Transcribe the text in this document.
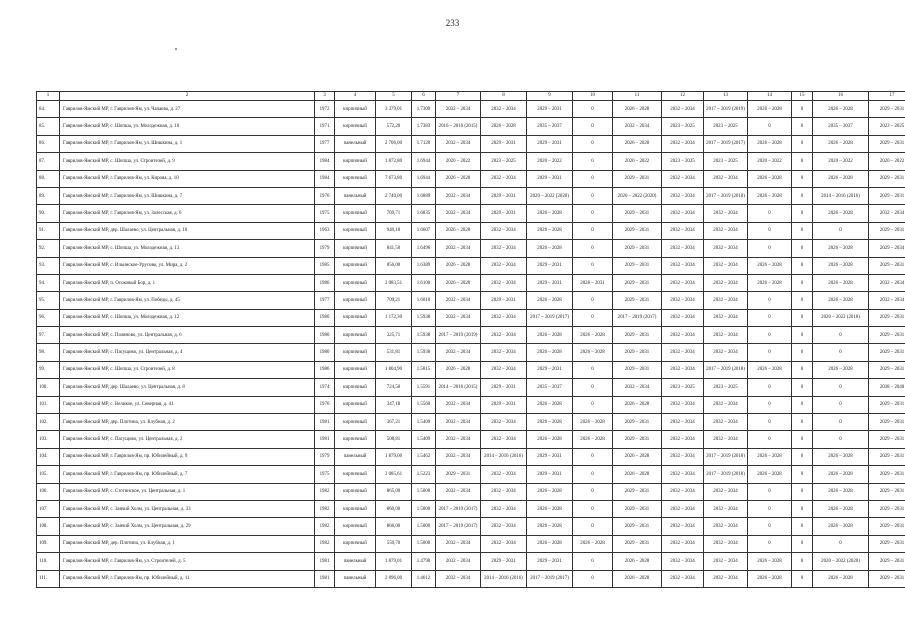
233
1	2	3	4	5	6	7	8	9	10	11	12	13	14	15	16	17
84.	Гаврилов-Ямский МР, г. Гаврилов-Ям, ул. Чапаева, д. 27	1972	кирпичный	3 379,01	1.7309	2032 – 2034	2032 – 2034	2029 – 2031	0	2026 – 2028	2032 – 2034	2017 – 2019 (2019)	2026 – 2028	0	2026 – 2028	2029 – 2031
85.	Гаврилов-Ямский МР, с. Шопша, ул. Молодежная, д. 10	1971	кирпичный	572,20	1.7383	2016 – 2016 (2015)	2026 – 2028	2035 – 2037	0	2032 – 2034	2023 – 2025	2023 – 2025	0	0	2035 – 2037	2023 – 2025
86.	Гаврилов-Ямский МР, г. Гаврилов-Ям, ул. Шишкина, д. 1	1977	панельный	2 706,00	1.7120	2032 – 2034	2029 – 2031	2029 – 2031	0	2026 – 2028	2032 – 2034	2017 – 2019 (2017)	2026 – 2028	0	2026 – 2028	2029 – 2031
87.	Гаврилов-Ямский МР, с. Шопша, ул. Строителей, д. 9	1984	кирпичный	1 872,80	1.6944	2020 – 2022	2023 – 2025	2020 – 2022	0	2020 – 2022	2023 – 2025	2023 – 2025	2020 – 2022	0	2020 – 2022	2020 – 2022
88.	Гаврилов-Ямский МР, г. Гаврилов-Ям, ул. Кирова, д. 10	1984	кирпичный	7 673,80	1.6944	2026 – 2028	2032 – 2034	2029 – 2031	0	2029 – 2031	2032 – 2034	2032 – 2034	2026 – 2028	0	2026 – 2028	2029 – 2031
89.	Гаврилов-Ямский МР, г. Гаврилов-Ям, ул. Шишкина, д. 7	1976	панельный	2 740,00	1.6889	2032 – 2034	2029 – 2031	2020 – 2022 (2020)	0	2020 – 2022 (2020)	2032 – 2034	2017 – 2019 (2018)	2026 – 2028	0	2014 – 2016 (2016)	2029 – 2031
90.	Гаврилов-Ямский МР, г. Гаврилов-Ям, ул. Залесская, д. 6	1975	кирпичный	769,71	1.6835	2032 – 2034	2029 – 2031	2026 – 2028	0	2029 – 2031	2032 – 2034	2032 – 2034	0	0	2026 – 2028	2032 – 2034
91.	Гаврилов-Ямский МР, дер. Шалаево, ул. Центральная, д. 10	1963	кирпичный	940,10	1.6607	2026 – 2028	2032 – 2034	2026 – 2028	0	2029 – 2031	2032 – 2034	2032 – 2034	0	0	0	2029 – 2031
92.	Гаврилов-Ямский МР, с. Шопша, ул. Молодежная, д. 13	1979	кирпичный	841,50	1.6496	2032 – 2034	2032 – 2034	2026 – 2028	0	2029 – 2031	2032 – 2034	2032 – 2034	0	0	2026 – 2028	2029 – 2034
93.	Гаврилов-Ямский МР, с. Ильинское-Урусово, ул. Мира, д. 2	1985	кирпичный	856,00	1.6389	2026 – 2028	2032 – 2034	2029 – 2031	0	2029 – 2031	2032 – 2034	2032 – 2034	2026 – 2028	0	2026 – 2028	2029 – 2031
94.	Гаврилов-Ямский МР, п. Осоковый Бор, д. 1	1986	кирпичный	2 083,51	1.6100	2026 – 2028	2032 – 2034	2029 – 2031	2028 – 2031	2029 – 2031	2032 – 2034	2032 – 2034	2026 – 2028	0	2026 – 2028	2032 – 2034
95.	Гаврилов-Ямский МР, г. Гаврилов-Ям, ул. Победы, д. 45	1977	кирпичный	709,21	1.6010	2032 – 2034	2029 – 2031	2026 – 2028	0	2029 – 2031	2032 – 2034	2032 – 2034	0	0	2026 – 2028	2032 – 2034
96.	Гаврилов-Ямский МР, с. Шопша, ул. Молодежная, д. 12	1980	кирпичный	1 172,30	1.5938	2032 – 2034	2032 – 2034	2017 – 2019 (2017)	0	2017 – 2019 (2017)	2032 – 2034	2032 – 2034	0	0	2020 – 2022 (2018)	2029 – 2031
97.	Гаврилов-Ямский МР, с. Поляново, ул. Центральная, д. 6	1980	кирпичный	325,71	1.5938	2017 – 2019 (2019)	2032 – 2034	2026 – 2028	2026 – 2028	2029 – 2031	2032 – 2034	2032 – 2034	0	0	0	2029 – 2031
98.	Гаврилов-Ямский МР, с. Пасущово, ул. Центральная, д. 4	1980	кирпичный	531,81	1.5938	2032 – 2034	2032 – 2034	2026 – 2028	2026 – 2028	2029 – 2031	2032 – 2034	2032 – 2034	0	0	0	2029 – 2031
99.	Гаврилов-Ямский МР, с. Шопша, ул. Строителей, д. 8	1986	кирпичный	1 804,90	1.5815	2026 – 2028	2032 – 2034	2029 – 2031	0	2029 – 2031	2032 – 2034	2017 – 2019 (2018)	2026 – 2028	0	2026 – 2028	2029 – 2031
100.	Гаврилов-Ямский МР, дер. Шалаево, ул. Центральная, д. 8	1974	кирпичный	724,50	1.5591	2014 – 2016 (2015)	2029 – 2031	2035 – 2037	0	2032 – 2034	2023 – 2025	2023 – 2025	0	0	0	2038 – 2040
101.	Гаврилов-Ямский МР, с. Великое, ул. Северная, д. 41	1976	кирпичный	347,18	1.5560	2032 – 2034	2029 – 2031	2026 – 2028	0	2026 – 2028	2032 – 2034	2032 – 2034	0	0	0	2029 – 2031
102.	Гаврилов-Ямский МР, дер. Плотина, ул. Клубная, д. 2	1981	кирпичный	367,21	1.5409	2032 – 2034	2032 – 2034	2026 – 2028	2026 – 2028	2029 – 2031	2032 – 2034	2032 – 2034	0	0	0	2029 – 2031
103.	Гаврилов-Ямский МР, с. Пасущово, ул. Центральная, д. 2	1981	кирпичный	508,81	1.5409	2032 – 2034	2032 – 2034	2026 – 2028	2026 – 2028	2029 – 2031	2032 – 2034	2032 – 2034	0	0	0	2029 – 2031
104.	Гаврилов-Ямский МР, г. Гаврилов-Ям, пр. Юбилейный, д. 9	1979	панельный	1 879,00	1.5462	2032 – 2034	2014 – 2016 (2016)	2029 – 2031	0	2026 – 2028	2032 – 2034	2017 – 2019 (2018)	2026 – 2028	0	2026 – 2028	2029 – 2031
105.	Гаврилов-Ямский МР, г. Гаврилов-Ям, пр. Юбилейный, д. 7	1975	кирпичный	2 085,61	1.5223	2029 – 2031	2032 – 2034	2029 – 2031	0	2026 – 2028	2032 – 2034	2017 – 2019 (2018)	2026 – 2028	0	2026 – 2028	2029 – 2031
106.	Гаврилов-Ямский МР, с. Стогинское, ул. Центральная, д. 1	1982	кирпичный	865,00	1.5000	2032 – 2034	2032 – 2034	2026 – 2028	0	2029 – 2031	2032 – 2034	2032 – 2034	0	0	2026 – 2028	2029 – 2031
107.	Гаврилов-Ямский МР, с. Заячий Холм, ул. Центральная, д. 33	1982	кирпичный	860,00	1.5000	2017 – 2019 (2017)	2032 – 2034	2026 – 2028	0	2029 – 2031	2032 – 2034	2032 – 2034	0	0	2026 – 2028	2029 – 2031
108.	Гаврилов-Ямский МР, с. Заячий Холм, ул. Центральная, д. 29	1982	кирпичный	866,00	1.5000	2017 – 2019 (2017)	2032 – 2034	2026 – 2028	0	2029 – 2031	2032 – 2034	2032 – 2034	0	0	2026 – 2028	2029 – 2031
109.	Гаврилов-Ямский МР, дер. Плотина, ул. Клубная, д. 1	1982	кирпичный	550,70	1.5000	2032 – 2034	2032 – 2034	2026 – 2028	2026 – 2028	2029 – 2031	2032 – 2034	2032 – 2034	0	0	0	2029 – 2031
110.	Гаврилов-Ямский МР, г. Гаврилов-Ям, ул. Строителей, д. 5	1981	панельный	1 879,01	1.4790	2032 – 2034	2029 – 2031	2029 – 2031	0	2026 – 2028	2032 – 2034	2032 – 2034	2026 – 2028	0	2020 – 2022 (2020)	2029 – 2031
111.	Гаврилов-Ямский МР, г. Гаврилов-Ям, пр. Юбилейный, д. 11	1981	панельный	2 896,00	1.4612	2032 – 2034	2014 – 2016 (2016)	2017 – 2019 (2017)	0	2026 – 2028	2032 – 2034	2032 – 2034	2026 – 2028	0	2026 – 2028	2029 – 2031
